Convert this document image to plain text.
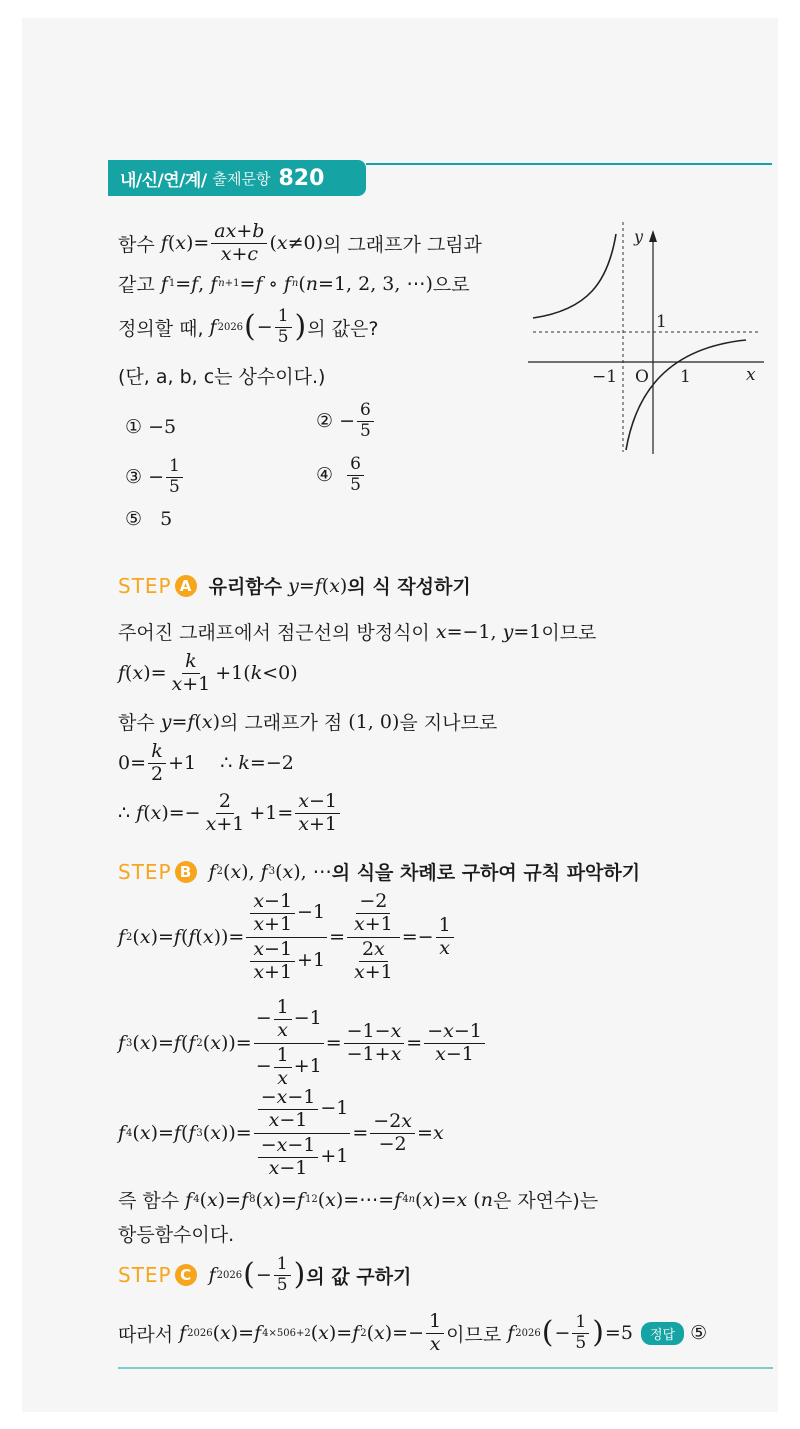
내/신/연/계/ 출제문항 820
함수
f ( x )= $\frac{ax+b}{x+c}$ ( x ≠0) 의 그래프가 그림과
같고
f 1 = f , f n+1 = f ∘ f n ( n =1, 2, 3, ⋯) 으로
정의할 때,
f 2026 ( − $\frac{1}{5}$ ) 의 값은?
(단, a, b, c는 상수이다.)
①
− 5	②
− $\frac{6}{5}$
③
− $\frac{1}{5}$	④
$\frac{6}{5}$
⑤
5
y
x
O
−1	1
1
STEP A 유리함수
y = f ( x ) 의 식 작성하기
주어진 그래프에서 점근선의 방정식이
x =−1, y =1 이므로
f ( x )= $\frac{k}{x+1} +1$( k <0)
함수
y = f ( x ) 의 그래프가 점 (1, 0) 을 지나므로
$0= \frac{k}{2} +1$    ∴ k =−2
∴ f ( x )=− $\frac{2}{x+1} +1= \frac{x-1}{x+1}$
STEP B f 2 ( x ), f 3 ( x ), ⋯ 의 식을 차례로 구하여 규칙 파악하기
f 2 ( x )= f ( f ( x ))=
$\frac{x-1}{x+1} -1$
$\frac{x-1}{x+1} +1$
=
$\frac{-2}{x+1}$
$\frac{2x}{x+1}$
=− $\frac{1}{x}$
f 3 ( x )= f ( f 2 ( x ))=
− $\frac{1}{x} -1$
− $\frac{1}{x} +1$
= $\frac{-1-x}{-1+x} = \frac{-x-1}{x-1}$
f 4 ( x )= f ( f 3 ( x ))=
$\frac{-x-1}{x-1} -1$
$\frac{-x-1}{x-1} +1$
= $\frac{-2x}{-2} = x$
즉 함수
f 4 ( x )= f 8 ( x )= f 12 ( x )=⋯= f 4n ( x )= x ( n 은 자연수)는
항등함수이다.
STEP C f 2026 ( − $\frac{1}{5}$ ) 의 값 구하기
따라서
f 2026 ( x )= f 4×506+2 ( x )= f 2 ( x )=− $\frac{1}{x}$ 이므로
f 2026 ( − $\frac{1}{5}$ ) =5	정답 ⑤
